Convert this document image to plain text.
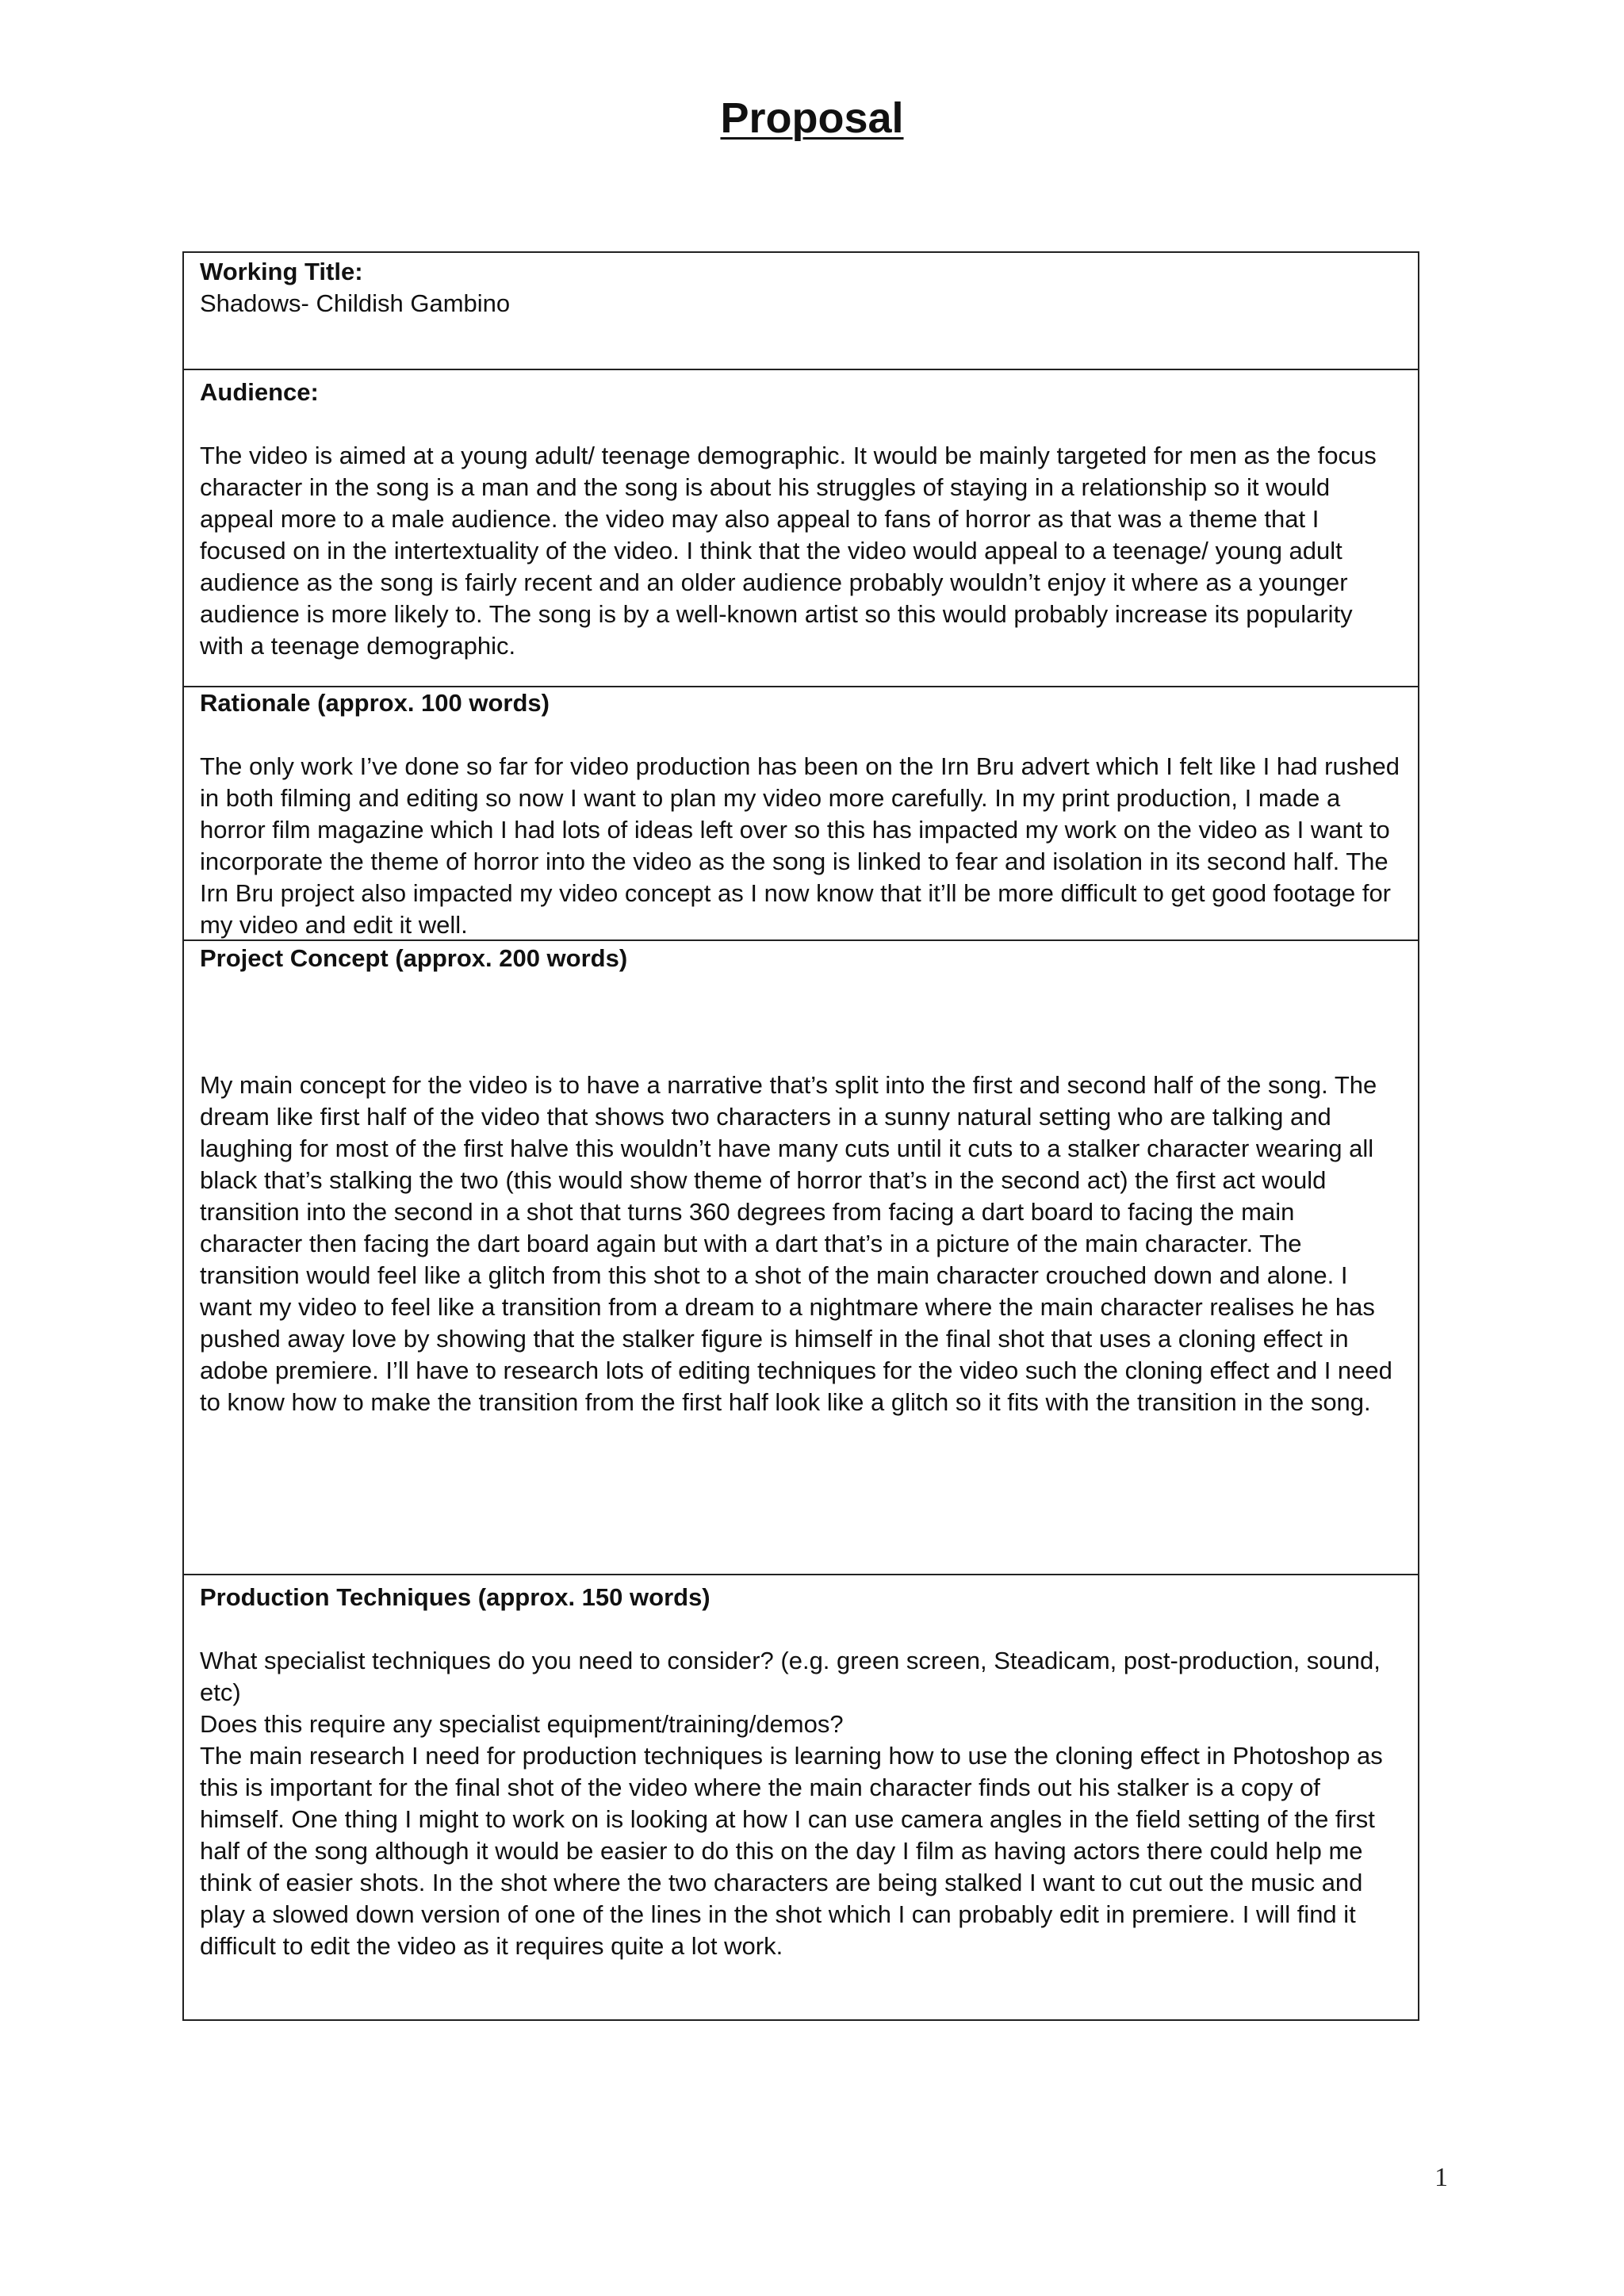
Proposal
Working Title:
Shadows- Childish Gambino
Audience:
The video is aimed at a young adult/ teenage demographic. It would be mainly targeted for men as the focus character in the song is a man and the song is about his struggles of staying in a relationship so it would appeal more to a male audience. the video may also appeal to fans of horror as that was a theme that I focused on in the intertextuality of the video. I think that the video would appeal to a teenage/ young adult audience as the song is fairly recent and an older audience probably wouldn’t enjoy it where as a younger audience is more likely to. The song is by a well-known artist so this would probably increase its popularity with a teenage demographic.
Rationale (approx. 100 words)
The only work I’ve done so far for video production has been on the Irn Bru advert which I felt like I had rushed in both filming and editing so now I want to plan my video more carefully. In my print production, I made a horror film magazine which I had lots of ideas left over so this has impacted my work on the video as I want to incorporate the theme of horror into the video as the song is linked to fear and isolation in its second half. The Irn Bru project also impacted my video concept as I now know that it’ll be more difficult to get good footage for my video and edit it well.
Project Concept (approx. 200 words)
My main concept for the video is to have a narrative that’s split into the first and second half of the song. The dream like first half of the video that shows two characters in a sunny natural setting who are talking and laughing for most of the first halve this wouldn’t have many cuts until it cuts to a stalker character wearing all black that’s stalking the two (this would show theme of horror that’s in the second act) the first act would transition into the second in a shot that turns 360 degrees from facing a dart board to facing the main character then facing the dart board again but with a dart that’s in a picture of the main character. The transition would feel like a glitch from this shot to a shot of the main character crouched down and alone. I want my video to feel like a transition from a dream to a nightmare where the main character realises he has pushed away love by showing that the stalker figure is himself in the final shot that uses a cloning effect in adobe premiere. I’ll have to research lots of editing techniques for the video such the cloning effect and I need to know how to make the transition from the first half look like a glitch so it fits with the transition in the song.
Production Techniques (approx. 150 words)
What specialist techniques do you need to consider? (e.g. green screen, Steadicam, post-production, sound, etc)
Does this require any specialist equipment/training/demos?
The main research I need for production techniques is learning how to use the cloning effect in Photoshop as this is important for the final shot of the video where the main character finds out his stalker is a copy of himself. One thing I might to work on is looking at how I can use camera angles in the field setting of the first half of the song although it would be easier to do this on the day I film as having actors there could help me think of easier shots. In the shot where the two characters are being stalked I want to cut out the music and play a slowed down version of one of the lines in the shot which I can probably edit in premiere. I will find it difficult to edit the video as it requires quite a lot work.
1
